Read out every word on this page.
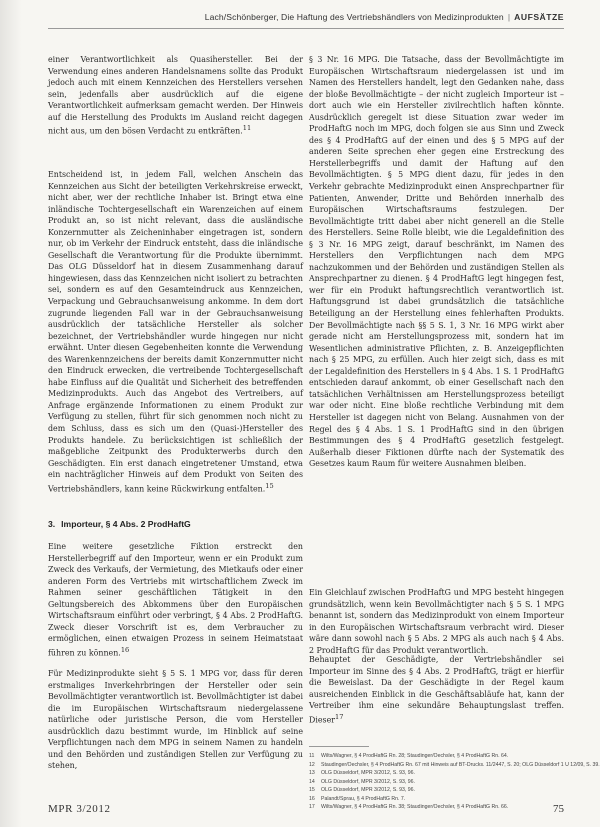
Lach/Schönberger, Die Haftung des Vertriebshändlers von Medizinprodukten | AUFSÄTZE

einer Verantwortlichkeit als Quasihersteller. Bei der Verwendung eines anderen Handelsnamens sollte das Produkt jedoch auch mit einem Kennzeichen des Herstellers versehen sein, jedenfalls aber ausdrücklich auf die eigene Verantwortlichkeit aufmerksam gemacht werden. Der Hinweis auf die Herstellung des Produkts im Ausland reicht dagegen nicht aus, um den bösen Verdacht zu entkräften.$^{11}$

Entscheidend ist, in jedem Fall, welchen Anschein das Kennzeichen aus Sicht der beteiligten Verkehrskreise erweckt, nicht aber, wer der rechtliche Inhaber ist. Bringt etwa eine inländische Tochtergesellschaft ein Warenzeichen auf einem Produkt an, so ist nicht relevant, dass die ausländische Konzernmutter als Zeicheninhaber eingetragen ist, sondern nur, ob im Verkehr der Eindruck entsteht, dass die inländische Gesellschaft die Verantwortung für die Produkte übernimmt. Das OLG Düsseldorf hat in diesem Zusammenhang darauf hingewiesen, dass das Kennzeichen nicht isoliert zu betrachten sei, sondern es auf den Gesamteindruck aus Kennzeichen, Verpackung und Gebrauchsanweisung ankomme. In dem dort zugrunde liegenden Fall war in der Gebrauchsanweisung ausdrücklich der tatsächliche Hersteller als solcher bezeichnet, der Vertriebshändler wurde hingegen nur nicht erwähnt. Unter diesen Gegebenheiten konnte die Verwendung des Warenkennzeichens der bereits damit Konzernmutter nicht den Eindruck erwecken, die vertreibende Tochtergesellschaft habe Einfluss auf die Qualität und Sicherheit des betreffenden Medizinprodukts. Auch das Angebot des Vertreibers, auf Anfrage ergänzende Informationen zu einem Produkt zur Verfügung zu stellen, führt für sich genommen noch nicht zu dem Schluss, dass es sich um den (Quasi-)Hersteller des Produkts handele. Zu berücksichtigen ist schließlich der maßgebliche Zeitpunkt des Produkterwerbs durch den Geschädigten. Ein erst danach eingetretener Umstand, etwa ein nachträglicher Hinweis auf dem Produkt von Seiten des Vertriebshändlers, kann keine Rückwirkung entfalten.$^{15}$

3. Importeur, § 4 Abs. 2 ProdHaftG

Eine weitere gesetzliche Fiktion erstreckt den Herstellerbegriff auf den Importeur, wenn er ein Produkt zum Zweck des Verkaufs, der Vermietung, des Mietkaufs oder einer anderen Form des Vertriebs mit wirtschaftlichem Zweck im Rahmen seiner geschäftlichen Tätigkeit in den Geltungsbereich des Abkommens über den Europäischen Wirtschaftsraum einführt oder verbringt, § 4 Abs. 2 ProdHaftG. Zweck dieser Vorschrift ist es, dem Verbraucher zu ermöglichen, einen etwaigen Prozess in seinem Heimatstaat führen zu können.$^{16}$

Für Medizinprodukte sieht § 5 S. 1 MPG vor, dass für deren erstmaliges Inverkehrbringen der Hersteller oder sein Bevollmächtigter verantwortlich ist. Bevollmächtigter ist dabei die im Europäischen Wirtschaftsraum niedergelassene natürliche oder juristische Person, die vom Hersteller ausdrücklich dazu bestimmt wurde, im Hinblick auf seine Verpflichtungen nach dem MPG in seinem Namen zu handeln und den Behörden und zuständigen Stellen zur Verfügung zu stehen,

§ 3 Nr. 16 MPG. Die Tatsache, dass der Bevollmächtigte im Europäischen Wirtschaftsraum niedergelassen ist und im Namen des Herstellers handelt, legt den Gedanken nahe, dass der bloße Bevollmächtigte – der nicht zugleich Importeur ist – dort auch wie ein Hersteller zivilrechtlich haften könnte. Ausdrücklich geregelt ist diese Situation zwar weder im ProdHaftG noch im MPG, doch folgen sie aus Sinn und Zweck des § 4 ProdHaftG auf der einen und des § 5 MPG auf der anderen Seite sprechen eher gegen eine Erstreckung des Herstellerbegriffs und damit der Haftung auf den Bevollmächtigten. § 5 MPG dient dazu, für jedes in den Verkehr gebrachte Medizinprodukt einen Ansprechpartner für Patienten, Anwender, Dritte und Behörden innerhalb des Europäischen Wirtschaftsraums festzulegen. Der Bevollmächtigte tritt dabei aber nicht generell an die Stelle des Herstellers. Seine Rolle bleibt, wie die Legaldefinition des § 3 Nr. 16 MPG zeigt, darauf beschränkt, im Namen des Herstellers den Verpflichtungen nach dem MPG nachzukommen und der Behörden und zuständigen Stellen als Ansprechpartner zu dienen. § 4 ProdHaftG legt hingegen fest, wer für ein Produkt haftungsrechtlich verantwortlich ist. Haftungsgrund ist dabei grundsätzlich die tatsächliche Beteiligung an der Herstellung eines fehlerhaften Produkts. Der Bevollmächtigte nach §§ 5 S. 1, 3 Nr. 16 MPG wirkt aber gerade nicht am Herstellungsprozess mit, sondern hat im Wesentlichen administrative Pflichten, z. B. Anzeigepflichten nach § 25 MPG, zu erfüllen. Auch hier zeigt sich, dass es mit der Legaldefinition des Herstellers in § 4 Abs. 1 S. 1 ProdHaftG entschieden darauf ankommt, ob einer Gesellschaft nach den tatsächlichen Verhältnissen am Herstellungsprozess beteiligt war oder nicht. Eine bloße rechtliche Verbindung mit dem Hersteller ist dagegen nicht von Belang. Ausnahmen von der Regel des § 4 Abs. 1 S. 1 ProdHaftG sind in den übrigen Bestimmungen des § 4 ProdHaftG gesetzlich festgelegt. Außerhalb dieser Fiktionen dürfte nach der Systematik des Gesetzes kaum Raum für weitere Ausnahmen bleiben.

Ein Gleichlauf zwischen ProdHaftG und MPG besteht hingegen grundsätzlich, wenn kein Bevollmächtigter nach § 5 S. 1 MPG benannt ist, sondern das Medizinprodukt von einem Importeur in den Europäischen Wirtschaftsraum verbracht wird. Dieser wäre dann sowohl nach § 5 Abs. 2 MPG als auch nach § 4 Abs. 2 ProdHaftG für das Produkt verantwortlich.

Behauptet der Geschädigte, der Vertriebshändler sei Importeur im Sinne des § 4 Abs. 2 ProdHaftG, trägt er hierfür die Beweislast. Da der Geschädigte in der Regel kaum ausreichenden Einblick in die Geschäftsabläufe hat, kann der Vertreiber ihm eine sekundäre Behauptungslast treffen. Dieser$^{17}$

11	Wilts/Wagner, § 4 ProdHaftG Rn. 28; Staudinger/Oechsler, § 4 ProdHaftG Rn. 64.
12	Staudinger/Oechsler, § 4 ProdHaftG Rn. 67 mit Hinweis auf BT-Drucks. 11/2447, S. 20; OLG Düsseldorf 1 U 12/09, S. 39.
13	OLG Düsseldorf, MPR 3/2012, S. 93, 96.
14	OLG Düsseldorf, MPR 3/2012, S. 93, 96.
15	OLG Düsseldorf, MPR 3/2012, S. 93, 96.
16	Palandt/Sprau, § 4 ProdHaftG Rn. 7.
17	Wilts/Wagner, § 4 ProdHaftG Rn. 38; Staudinger/Oechsler, § 4 ProdHaftG Rn. 66.
MPR 3/2012	75
